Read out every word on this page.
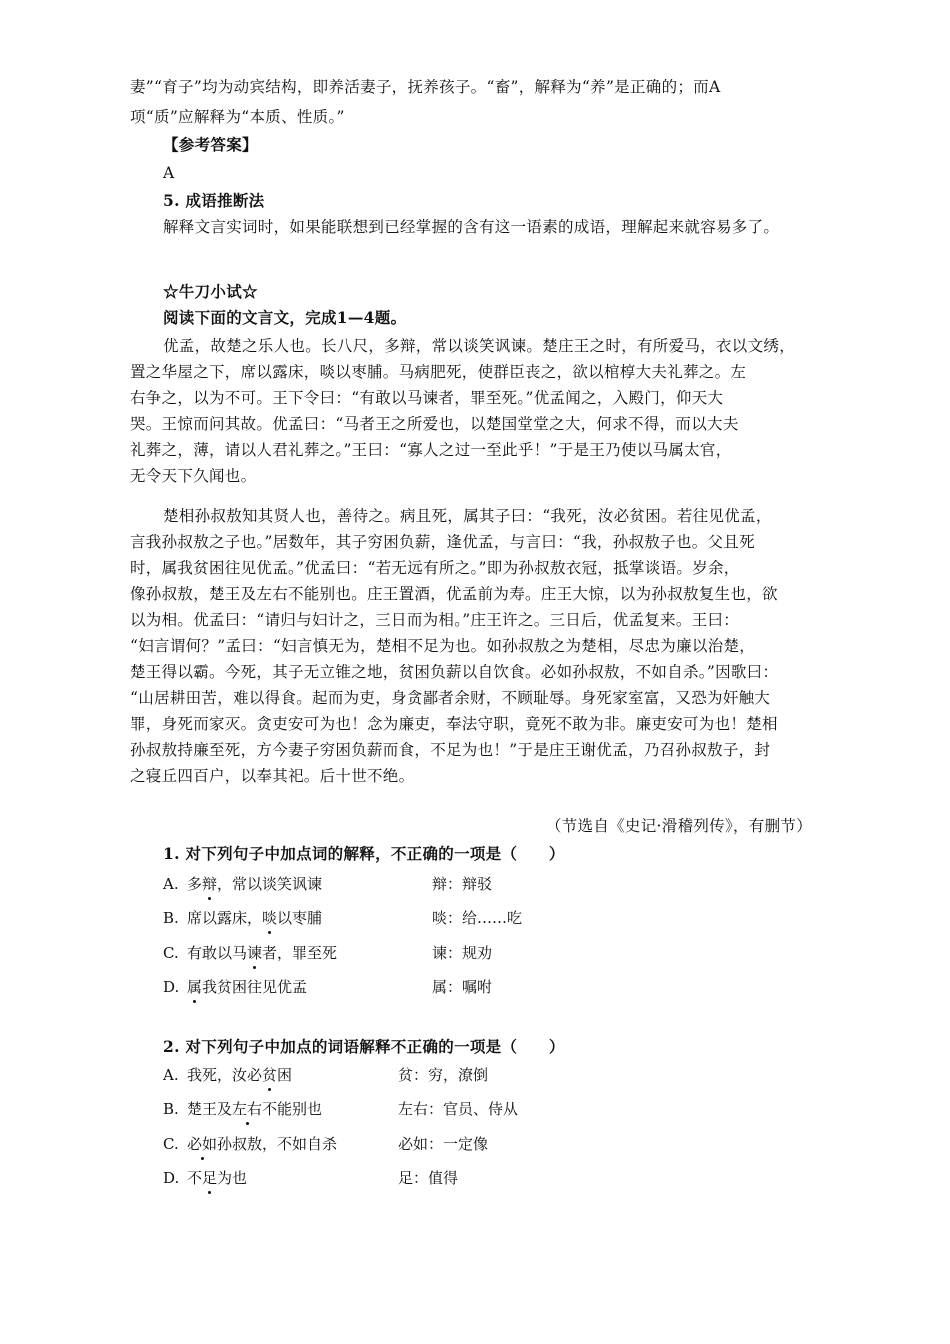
妻”“育子”均为动宾结构，即养活妻子，抚养孩子。“畜”，解释为“养”是正确的；而A
项“质”应解释为“本质、性质。”
【参考答案】
A
5. 成语推断法
解释文言实词时，如果能联想到已经掌握的含有这一语素的成语，理解起来就容易多了。
☆牛刀小试☆
阅读下面的文言文，完成1—4题。
优孟，故楚之乐人也。长八尺，多辩，常以谈笑讽谏。楚庄王之时，有所爱马，衣以文绣，
置之华屋之下，席以露床，啖以枣脯。马病肥死，使群臣丧之，欲以棺椁大夫礼葬之。左
右争之，以为不可。王下令曰：“有敢以马谏者，罪至死。”优孟闻之，入殿门，仰天大
哭。王惊而问其故。优孟曰：“马者王之所爱也，以楚国堂堂之大，何求不得，而以大夫
礼葬之，薄，请以人君礼葬之。”王曰：“寡人之过一至此乎！”于是王乃使以马属太官，
无令天下久闻也。
楚相孙叔敖知其贤人也，善待之。病且死，属其子曰：“我死，汝必贫困。若往见优孟，
言我孙叔敖之子也。”居数年，其子穷困负薪，逢优孟，与言曰：“我，孙叔敖子也。父且死
时，属我贫困往见优孟。”优孟曰：“若无远有所之。”即为孙叔敖衣冠，抵掌谈语。岁余，
像孙叔敖，楚王及左右不能别也。庄王置酒，优孟前为寿。庄王大惊，以为孙叔敖复生也，欲
以为相。优孟曰：“请归与妇计之，三日而为相。”庄王许之。三日后，优孟复来。王曰：
“妇言谓何？”孟曰：“妇言慎无为，楚相不足为也。如孙叔敖之为楚相，尽忠为廉以治楚，
楚王得以霸。今死，其子无立锥之地，贫困负薪以自饮食。必如孙叔敖，不如自杀。”因歌曰：
“山居耕田苦，难以得食。起而为吏，身贪鄙者余财，不顾耻辱。身死家室富，又恐为奸触大
罪，身死而家灭。贪吏安可为也！念为廉吏，奉法守职，竟死不敢为非。廉吏安可为也！楚相
孙叔敖持廉至死，方今妻子穷困负薪而食，不足为也！”于是庄王谢优孟，乃召孙叔敖子，封
之寝丘四百户，以奉其祀。后十世不绝。
（节选自《史记·滑稽列传》，有删节）
1. 对下列句子中加点词的解释，不正确的一项是（　　）
A. 多辩，常以谈笑讽谏	辩：辩驳
B. 席以露床，啖以枣脯	啖：给……吃
C. 有敢以马谏者，罪至死	谏：规劝
D. 属我贫困往见优孟	属：嘱咐
2. 对下列句子中加点的词语解释不正确的一项是（　　）
A. 我死，汝必贫困	贫：穷，潦倒
B. 楚王及左右不能别也	左右：官员、侍从
C. 必如孙叔敖，不如自杀	必如：一定像
D. 不足为也	足：值得
